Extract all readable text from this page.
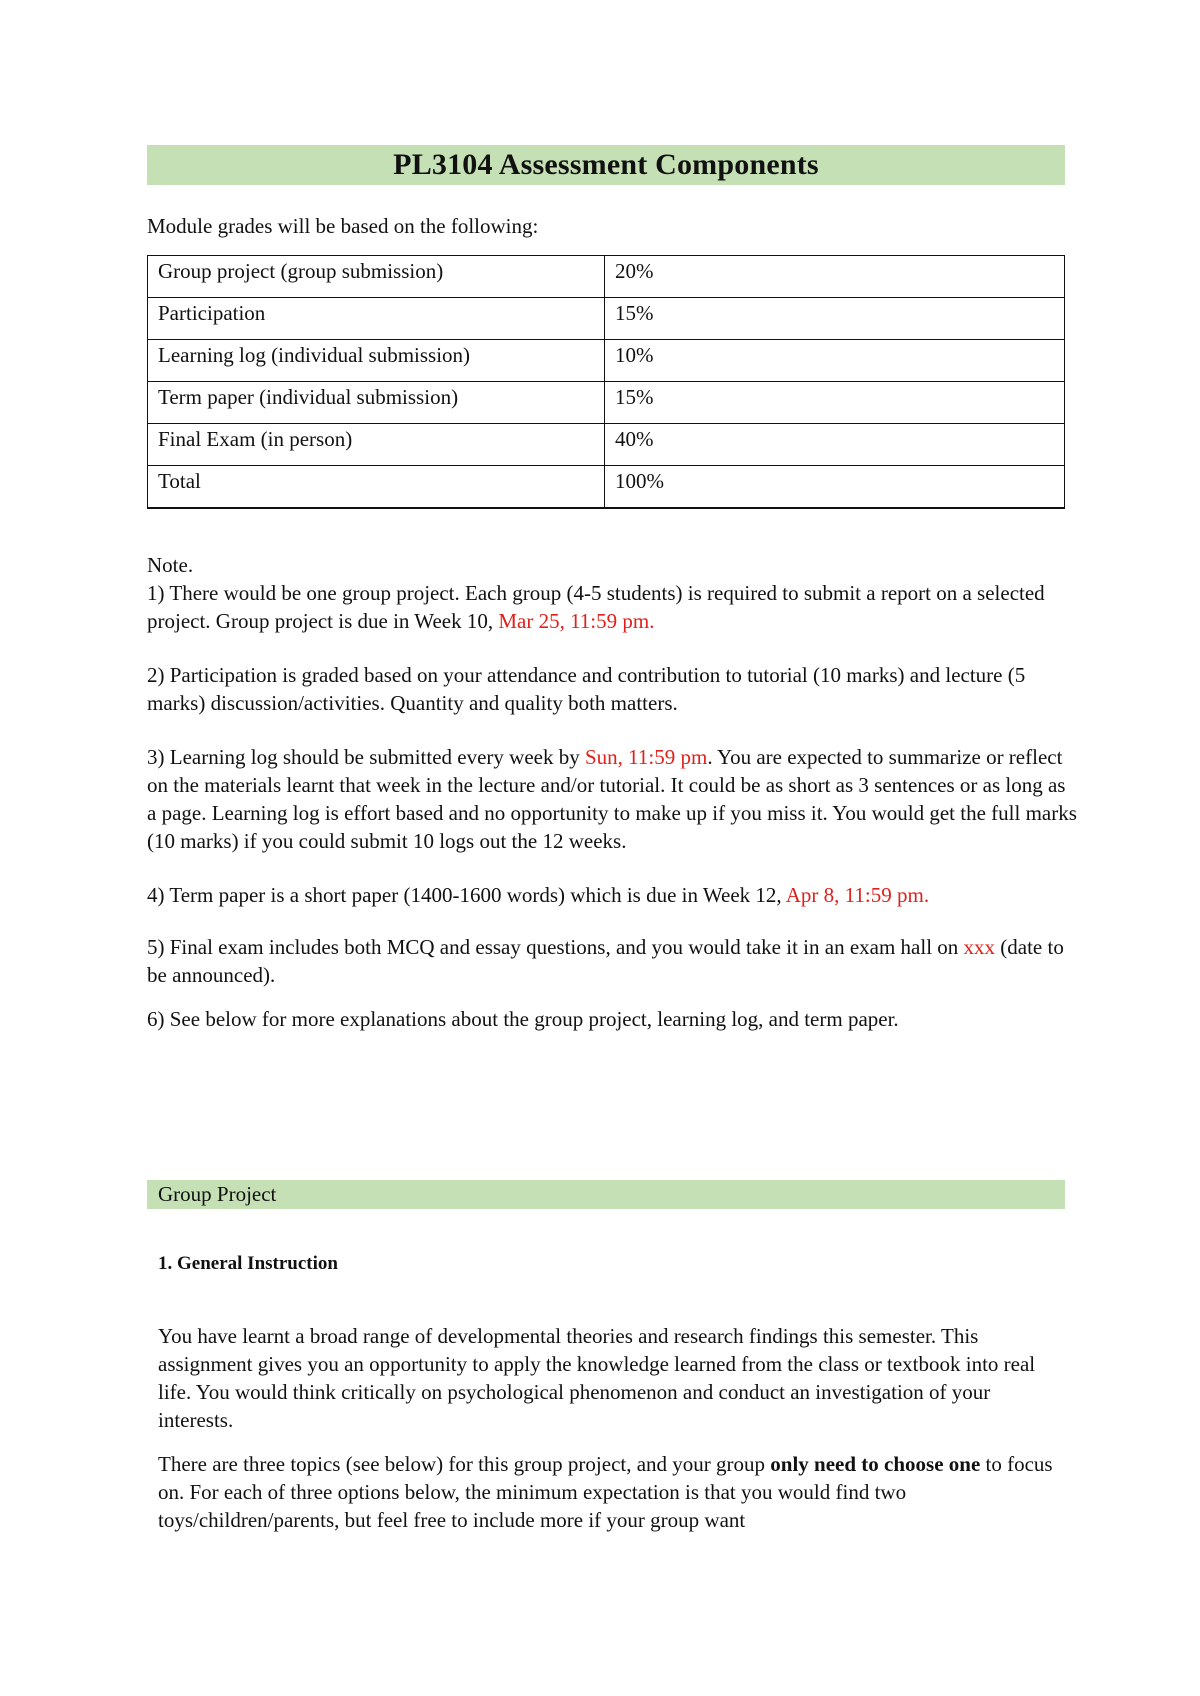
PL3104 Assessment Components
Module grades will be based on the following:
Group project (group submission)	20%
Participation	15%
Learning log (individual submission)	10%
Term paper (individual submission)	15%
Final Exam (in person)	40%
Total	100%

Note.

1) There would be one group project. Each group (4-5 students) is required to submit a report on a selected project. Group project is due in Week 10, Mar 25, 11:59 pm.

2) Participation is graded based on your attendance and contribution to tutorial (10 marks) and lecture (5 marks) discussion/activities. Quantity and quality both matters.

3) Learning log should be submitted every week by Sun, 11:59 pm. You are expected to summarize or reflect on the materials learnt that week in the lecture and/or tutorial. It could be as short as 3 sentences or as long as a page. Learning log is effort based and no opportunity to make up if you miss it. You would get the full marks (10 marks) if you could submit 10 logs out the 12 weeks.

4) Term paper is a short paper (1400-1600 words) which is due in Week 12, Apr 8, 11:59 pm.

5) Final exam includes both MCQ and essay questions, and you would take it in an exam hall on xxx (date to be announced).

6) See below for more explanations about the group project, learning log, and term paper.

Group Project
1. General Instruction

You have learnt a broad range of developmental theories and research findings this semester. This assignment gives you an opportunity to apply the knowledge learned from the class or textbook into real life. You would think critically on psychological phenomenon and conduct an investigation of your interests.

There are three topics (see below) for this group project, and your group only need to choose one to focus on. For each of three options below, the minimum expectation is that you would find two toys/children/parents, but feel free to include more if your group want
